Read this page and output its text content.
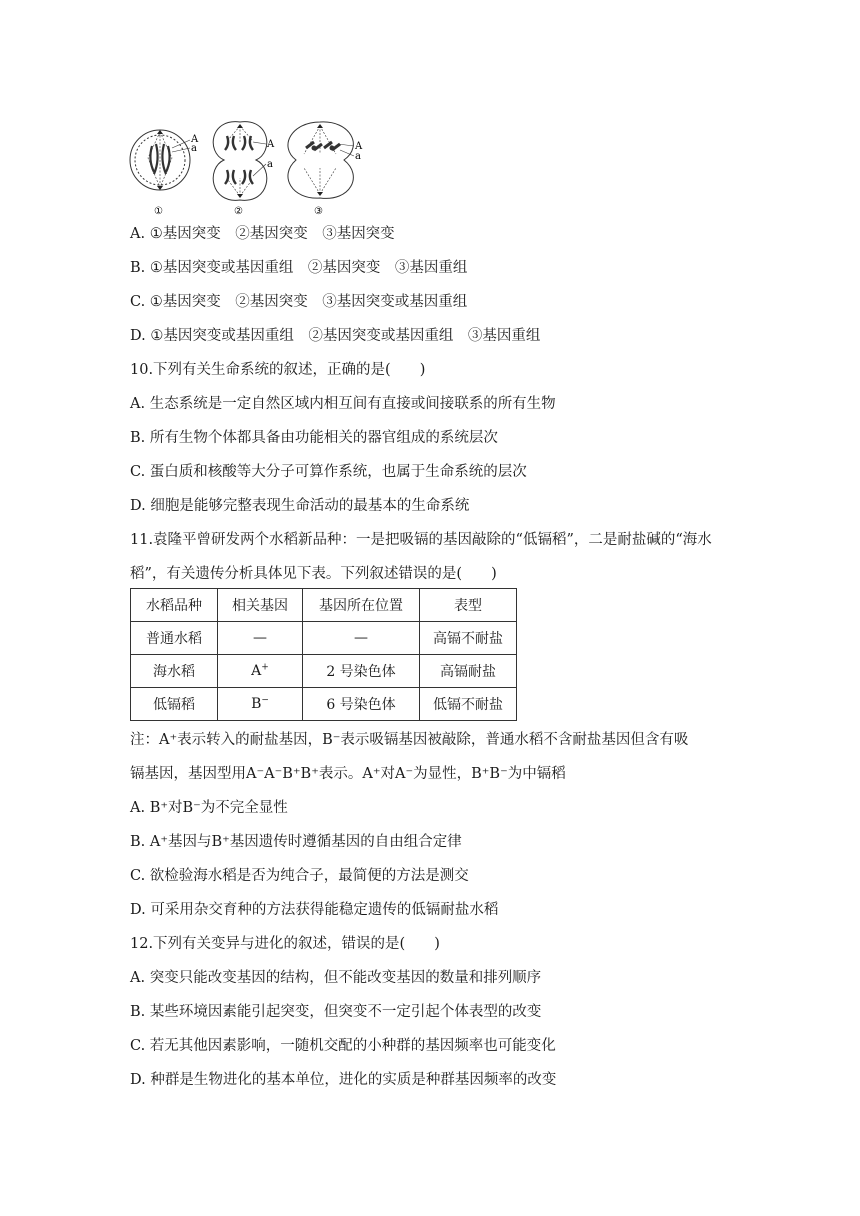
A
a
①
A
a
②
A
a
③
A. ①基因突变　②基因突变　③基因突变
B. ①基因突变或基因重组　②基因突变　③基因重组
C. ①基因突变　②基因突变　③基因突变或基因重组
D. ①基因突变或基因重组　②基因突变或基因重组　③基因重组
10.下列有关生命系统的叙述，正确的是(　　)
A. 生态系统是一定自然区域内相互间有直接或间接联系的所有生物
B. 所有生物个体都具备由功能相关的器官组成的系统层次
C. 蛋白质和核酸等大分子可算作系统，也属于生命系统的层次
D. 细胞是能够完整表现生命活动的最基本的生命系统
11.袁隆平曾研发两个水稻新品种：一是把吸镉的基因敲除的“低镉稻”，二是耐盐碱的“海水
稻”，有关遗传分析具体见下表。下列叙述错误的是(　　)
水稻品种	相关基因	基因所在位置	表型
普通水稻	—	—	高镉不耐盐
海水稻	A+	2 号染色体	高镉耐盐
低镉稻	B−	6 号染色体	低镉不耐盐
注：A⁺表示转入的耐盐基因，B⁻表示吸镉基因被敲除，普通水稻不含耐盐基因但含有吸
镉基因，基因型用A⁻A⁻B⁺B⁺表示。A⁺对A⁻为显性，B⁺B⁻为中镉稻
A. B⁺对B⁻为不完全显性
B. A⁺基因与B⁺基因遗传时遵循基因的自由组合定律
C. 欲检验海水稻是否为纯合子，最简便的方法是测交
D. 可采用杂交育种的方法获得能稳定遗传的低镉耐盐水稻
12.下列有关变异与进化的叙述，错误的是(　　)
A. 突变只能改变基因的结构，但不能改变基因的数量和排列顺序
B. 某些环境因素能引起突变，但突变不一定引起个体表型的改变
C. 若无其他因素影响，一随机交配的小种群的基因频率也可能变化
D. 种群是生物进化的基本单位，进化的实质是种群基因频率的改变
